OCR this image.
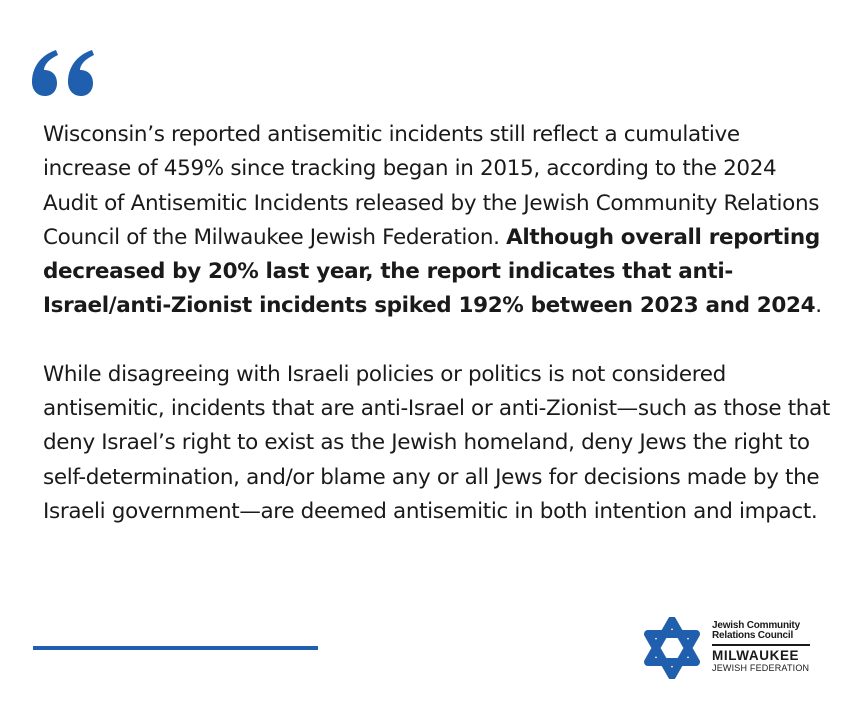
Wisconsin’s reported antisemitic incidents still reflect a cumulative increase of 459% since tracking began in 2015, according to the 2024 Audit of Antisemitic Incidents released by the Jewish Community Relations Council of the Milwaukee Jewish Federation. Although overall reporting decreased by 20% last year, the report indicates that anti-Israel/anti-Zionist incidents spiked 192% between 2023 and 2024.

While disagreeing with Israeli policies or politics is not considered antisemitic, incidents that are anti-Israel or anti-Zionist—such as those that deny Israel’s right to exist as the Jewish homeland, deny Jews the right to self-determination, and/or blame any or all Jews for decisions made by the Israeli government—are deemed antisemitic in both intention and impact.

Jewish Community
Relations Council
MILWAUKEE
JEWISH FEDERATION
